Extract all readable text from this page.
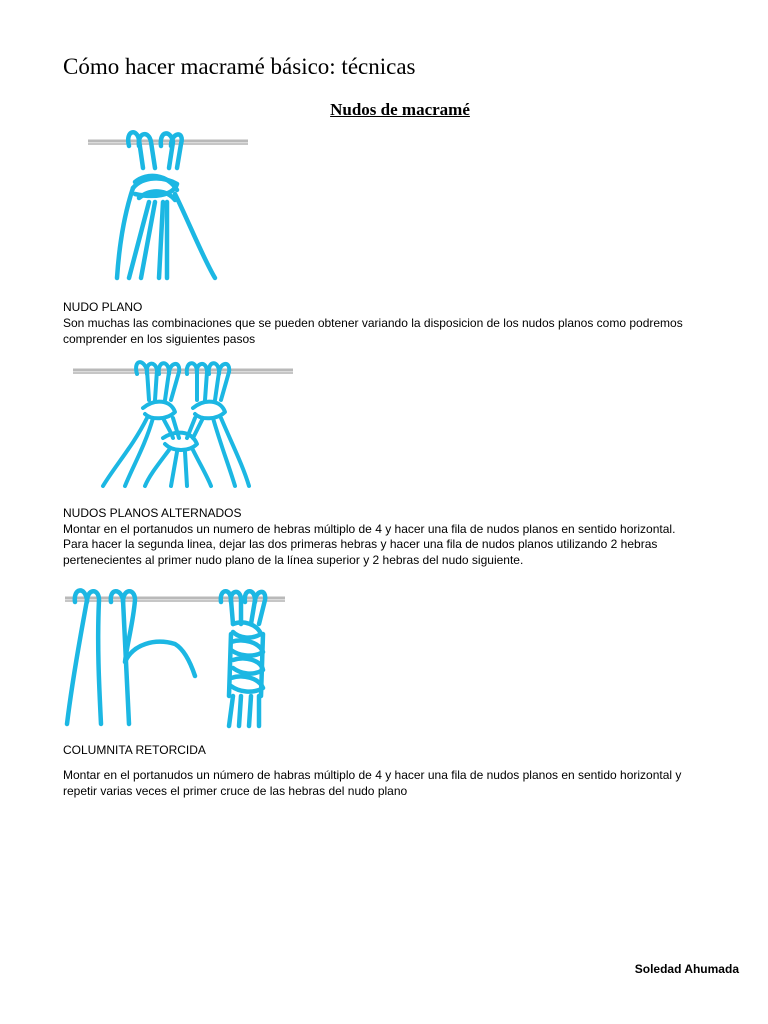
Cómo hacer macramé básico: técnicas
Nudos de macramé
NUDO PLANO
Son muchas las combinaciones que se pueden obtener variando la disposicion de los nudos planos como podremos
comprender en los siguientes pasos
NUDOS PLANOS ALTERNADOS
Montar en el portanudos un numero de hebras múltiplo de 4 y hacer una fila de nudos planos en sentido horizontal.
Para hacer la segunda linea, dejar las dos primeras hebras y hacer una fila de nudos planos utilizando 2 hebras
pertenecientes al primer nudo plano de la línea superior y 2 hebras del nudo siguiente.
COLUMNITA RETORCIDA
Montar en el portanudos un número de habras múltiplo de 4 y hacer una fila de nudos planos en sentido horizontal y
repetir varias veces el primer cruce de las hebras del nudo plano
Soledad Ahumada
